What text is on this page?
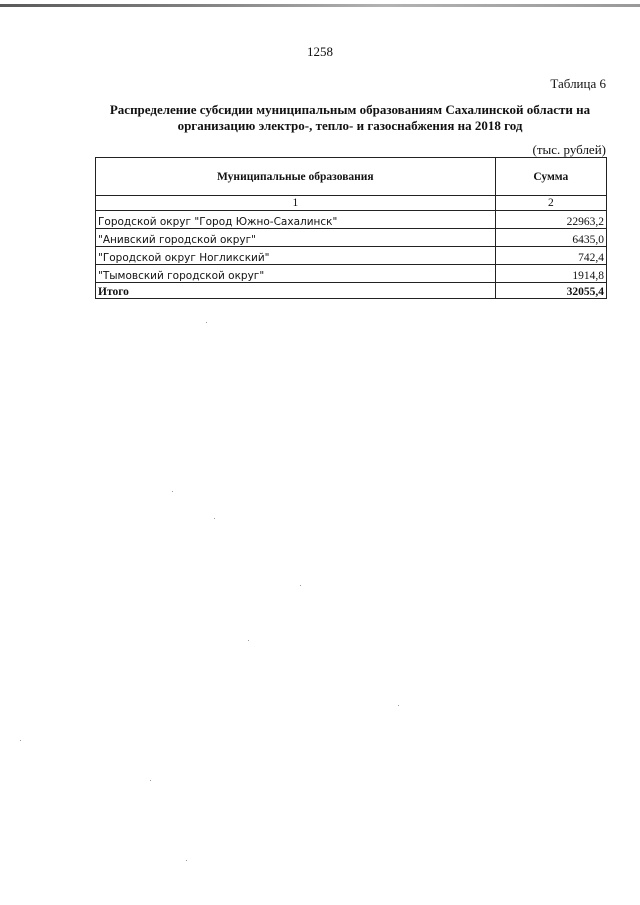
1258
Таблица 6
Распределение субсидии муниципальным образованиям Сахалинской области на
организацию электро-, тепло- и газоснабжения на 2018 год
(тыс. рублей)
Муниципальные образования	Сумма
1	2
Городской округ "Город Южно-Сахалинск"	22963,2
"Анивский городской округ"	6435,0
"Городской округ Ногликский"	742,4
"Тымовский городской округ"	1914,8
Итого	32055,4
